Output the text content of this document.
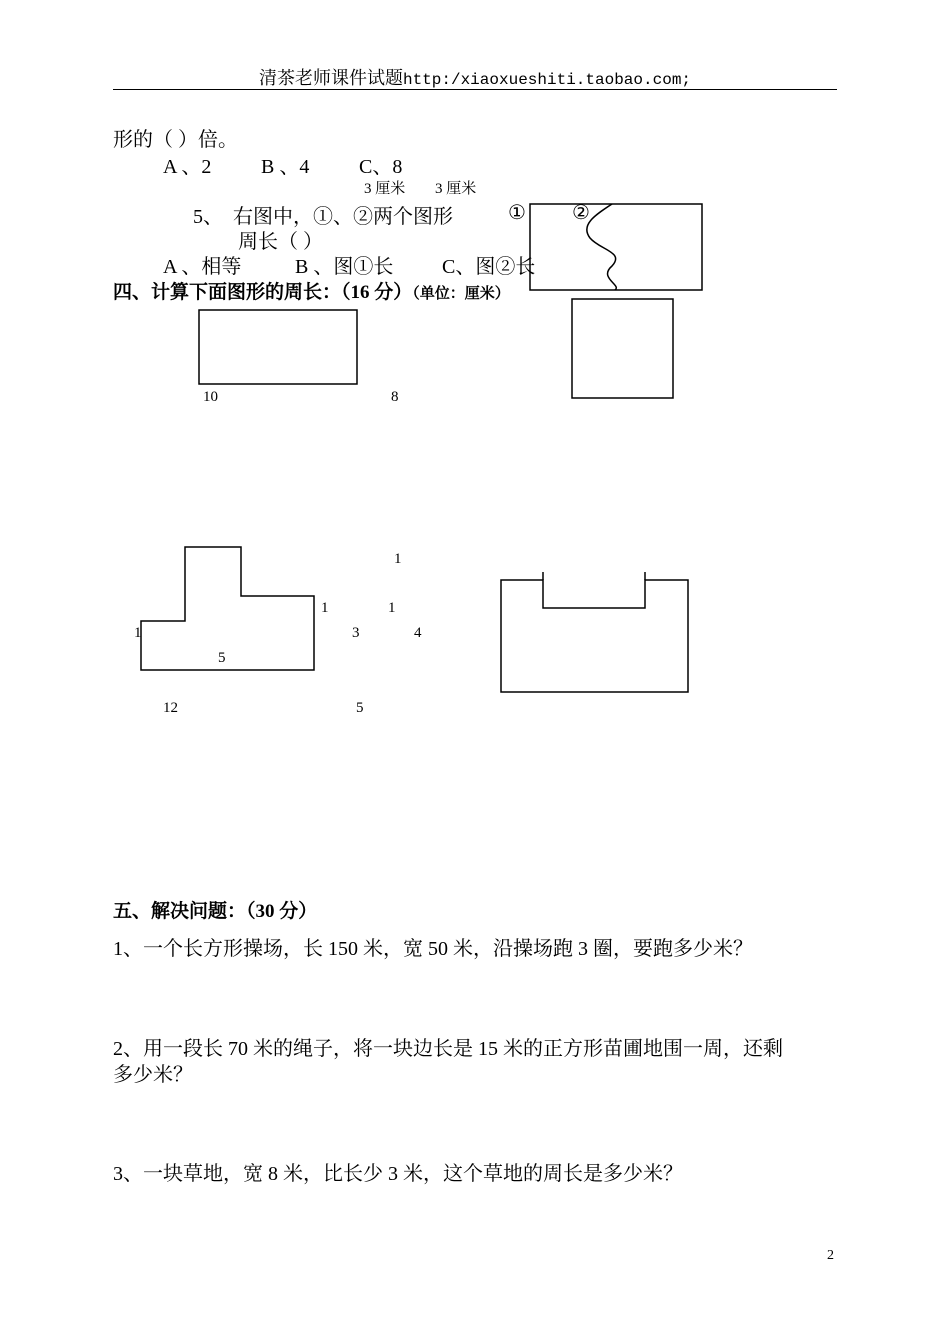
清茶老师课件试题http:/xiaoxueshiti.taobao.com;
形的（ ）倍。
A 、2 B 、4 C、8
3 厘米 3 厘米
5、 右图中，①、②两个图形	① ②
周长（ ）
A 、相等	B 、图①长 C、图②长
四、计算下面图形的周长：（16 分）（单位：厘米）
10	8
1
1	1
1	3	4
5
12	5
五、解决问题：（30 分）
1、一个长方形操场，长 150 米，宽 50 米，沿操场跑 3 圈，要跑多少米？
2、用一段长 70 米的绳子，将一块边长是 15 米的正方形苗圃地围一周，还剩
多少米？
3、一块草地，宽 8 米，比长少 3 米，这个草地的周长是多少米？
2
